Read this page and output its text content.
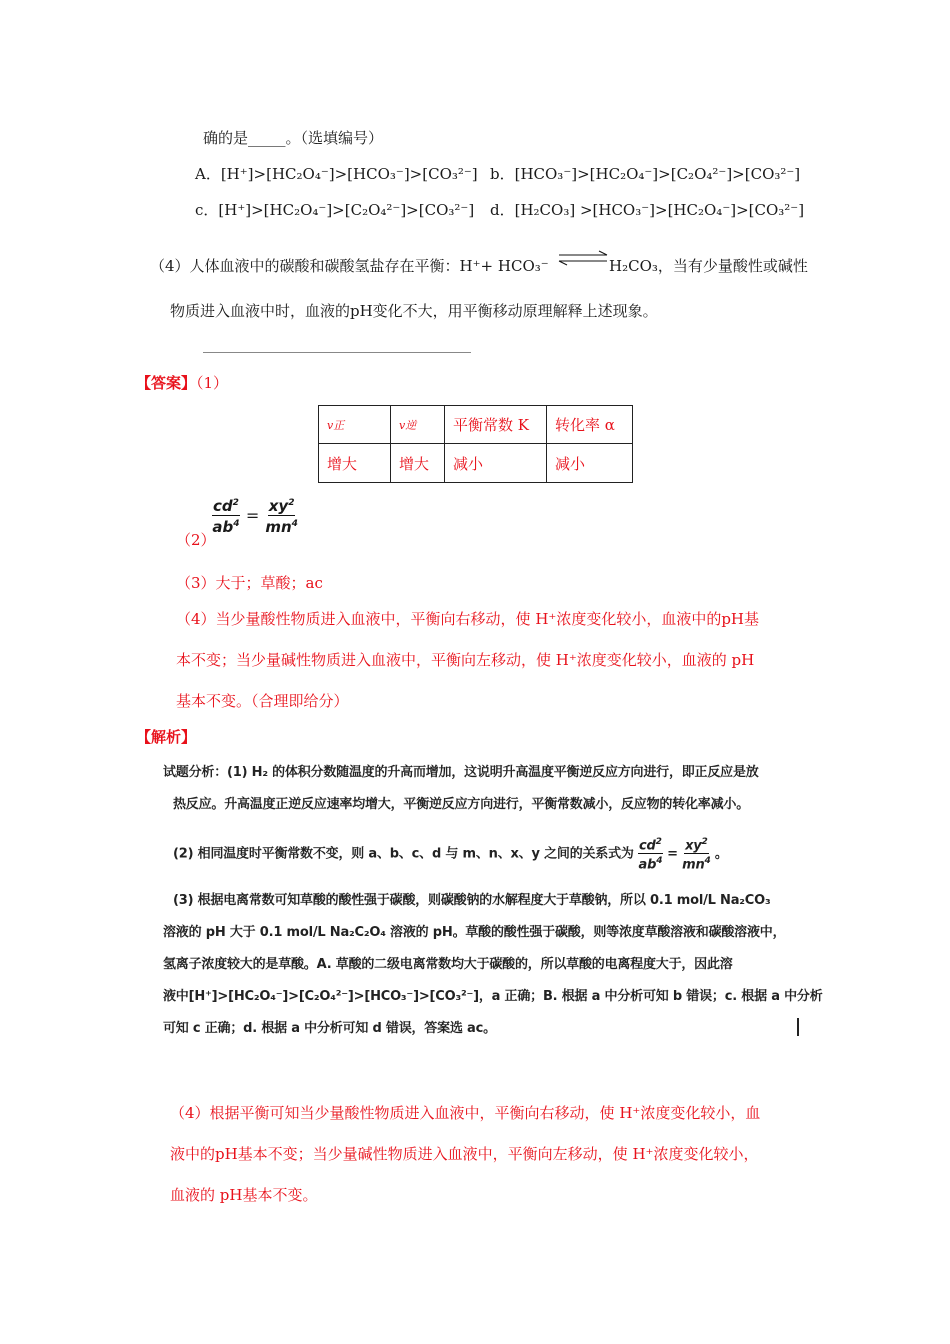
确的是_____。（选填编号）
A．[H⁺]>[HC₂O₄⁻]>[HCO₃⁻]>[CO₃²⁻] b．[HCO₃⁻]>[HC₂O₄⁻]>[C₂O₄²⁻]>[CO₃²⁻]
c．[H⁺]>[HC₂O₄⁻]>[C₂O₄²⁻]>[CO₃²⁻] d．[H₂CO₃] >[HCO₃⁻]>[HC₂O₄⁻]>[CO₃²⁻]
（4）人体血液中的碳酸和碳酸氢盐存在平衡：H⁺+ HCO₃⁻ ⇌ H₂CO₃，当有少量酸性或碱性
物质进入血液中时，血液的pH变化不大，用平衡移动原理解释上述现象。
【答案】（1）
v正	v逆	平衡常数 K	转化率 α
增大	增大	减小	减小
（2）
$\frac{cd^2}{ab^4} = \frac{xy^2}{mn^4}$
（3）大于；草酸；ac
（4）当少量酸性物质进入血液中，平衡向右移动，使 H⁺浓度变化较小，血液中的pH基
本不变；当少量碱性物质进入血液中，平衡向左移动，使 H⁺浓度变化较小，血液的 pH
基本不变。（合理即给分）
【解析】
试题分析：(1) H₂ 的体积分数随温度的升高而增加，这说明升高温度平衡逆反应方向进行，即正反应是放
热反应。升高温度正逆反应速率均增大，平衡逆反应方向进行，平衡常数减小，反应物的转化率减小。
(2) 相同温度时平衡常数不变，则 a、b、c、d 与 m、n、x、y 之间的关系式为 $\frac{cd^2}{ab^4} = \frac{xy^2}{mn^4}$ 。
(3) 根据电离常数可知草酸的酸性强于碳酸，则碳酸钠的水解程度大于草酸钠，所以 0.1 mol/L Na₂CO₃
溶液的 pH 大于 0.1 mol/L Na₂C₂O₄ 溶液的 pH。草酸的酸性强于碳酸，则等浓度草酸溶液和碳酸溶液中，
氢离子浓度较大的是草酸。A. 草酸的二级电离常数均大于碳酸的，所以草酸的电离程度大于，因此溶
液中[H⁺]>[HC₂O₄⁻]>[C₂O₄²⁻]>[HCO₃⁻]>[CO₃²⁻]，a 正确；B. 根据 a 中分析可知 b 错误；c. 根据 a 中分析
可知 c 正确；d. 根据 a 中分析可知 d 错误，答案选 ac。
（4）根据平衡可知当少量酸性物质进入血液中，平衡向右移动，使 H⁺浓度变化较小，血
液中的pH基本不变；当少量碱性物质进入血液中，平衡向左移动，使 H⁺浓度变化较小，
血液的 pH基本不变。
